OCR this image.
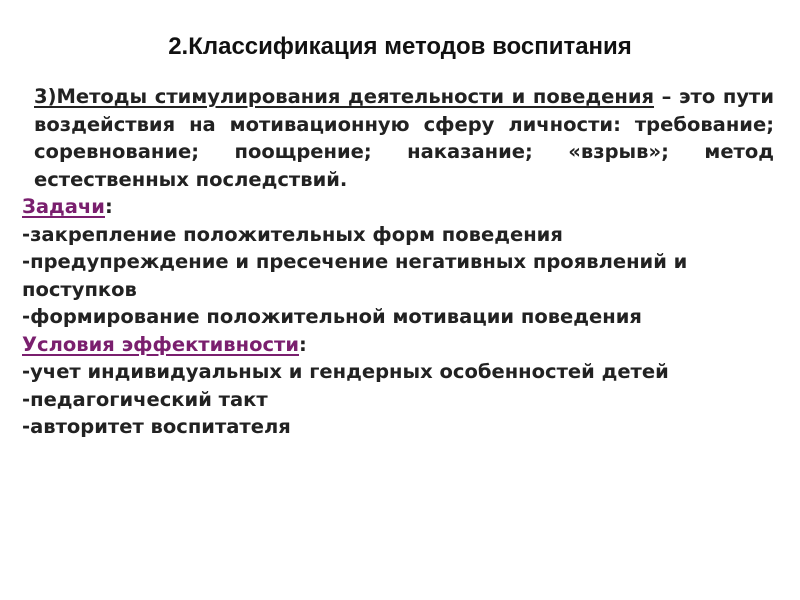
2.Классификация методов воспитания

3)Методы стимулирования деятельности и поведения – это пути воздействия на мотивационную сферу личности: требование; соревнование; поощрение; наказание; «взрыв»; метод естественных последствий.

Задачи:

-закрепление положительных форм поведения

-предупреждение и пресечение негативных проявлений и поступков

-формирование положительной мотивации поведения

Условия эффективности:

-учет индивидуальных и гендерных особенностей детей

-педагогический такт

-авторитет воспитателя
